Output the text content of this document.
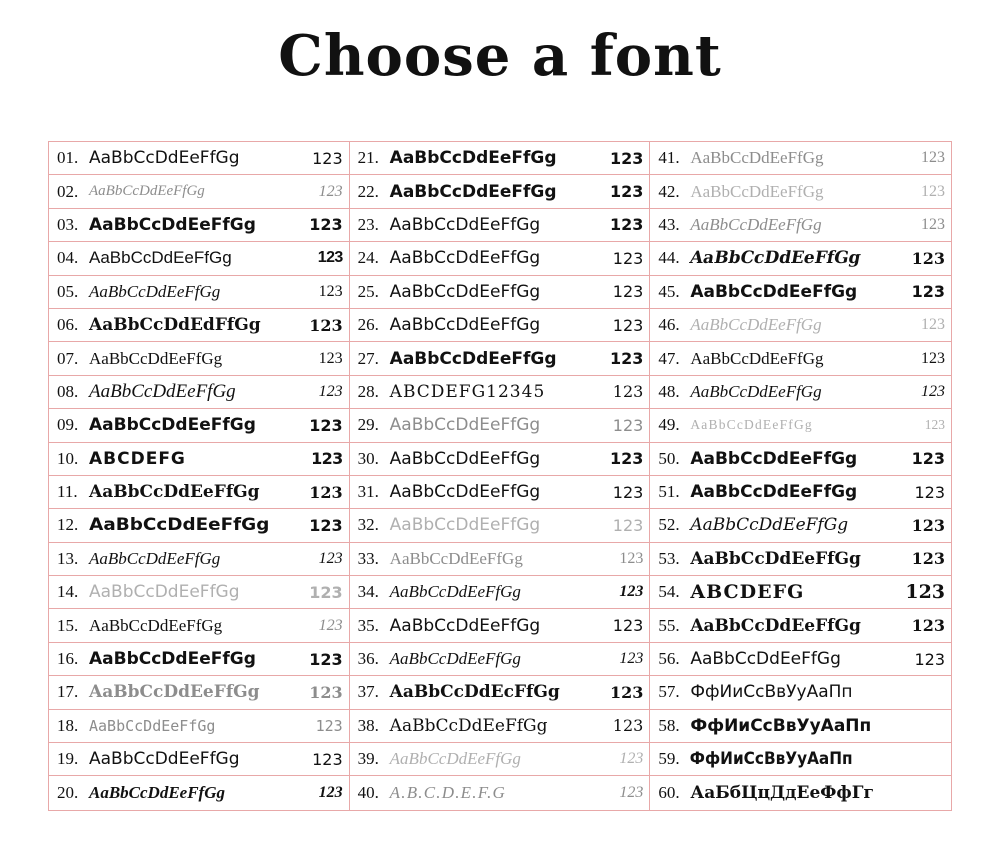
Choose a font
01. AaBbCcDdEeFfGg	123
02. AaBbCcDdEeFfGg	123
03. AaBbCcDdEeFfGg	123
04. AaBbCcDdEeFfGg	123
05. AaBbCcDdEeFfGg	123
06. AaBbCcDdEdFfGg	123
07. AaBbCcDdEeFfGg	123
08. AaBbCcDdEeFfGg	123
09. AaBbCcDdEeFfGg	123
10. ABCDEFG	123
11. AaBbCcDdEeFfGg	123
12. AaBbCcDdEeFfGg	123
13. AaBbCcDdEeFfGg	123
14. AaBbCcDdEeFfGg	123
15. AaBbCcDdEeFfGg	123
16. AaBbCcDdEeFfGg	123
17. AaBbCcDdEeFfGg	123
18. AaBbCcDdEeFfGg	123
19. AaBbCcDdEeFfGg	123
20. AaBbCcDdEeFfGg	123
21. AaBbCcDdEeFfGg	123
22. AaBbCcDdEeFfGg	123
23. AaBbCcDdEeFfGg	123
24. AaBbCcDdEeFfGg	123
25. AaBbCcDdEeFfGg	123
26. AaBbCcDdEeFfGg	123
27. AaBbCcDdEeFfGg	123
28. ABCDEFG12345	123
29. AaBbCcDdEeFfGg	123
30. AaBbCcDdEeFfGg	123
31. AaBbCcDdEeFfGg	123
32. AaBbCcDdEeFfGg	123
33. AaBbCcDdEeFfGg	123
34. AaBbCcDdEeFfGg	123
35. AaBbCcDdEeFfGg	123
36. AaBbCcDdEeFfGg	123
37. AaBbCcDdEcFfGg	123
38. AaBbCcDdEeFfGg	123
39. AaBbCcDdEeFfGg	123
40. A.B.C.D.E.F.G	123
41. AaBbCcDdEeFfGg	123
42. AaBbCcDdEeFfGg	123
43. AaBbCcDdEeFfGg	123
44. AaBbCcDdEeFfGg	123
45. AaBbCcDdEeFfGg	123
46. AaBbCcDdEeFfGg	123
47. AaBbCcDdEeFfGg	123
48. AaBbCcDdEeFfGg	123
49. AaBbCcDdEeFfGg	123
50. AaBbCcDdEeFfGg	123
51. AaBbCcDdEeFfGg	123
52. AaBbCcDdEeFfGg	123
53. AaBbCcDdEeFfGg	123
54. ABCDEFG	123
55. AaBbCcDdEeFfGg	123
56. AaBbCcDdEeFfGg	123
57. ФфИиСсВвУуАаПп
58. ФфИиСсВвУуАаПп
59. ФфИиСсВвУуАаПп
60. АаБбЦцДдЕеФфГг
